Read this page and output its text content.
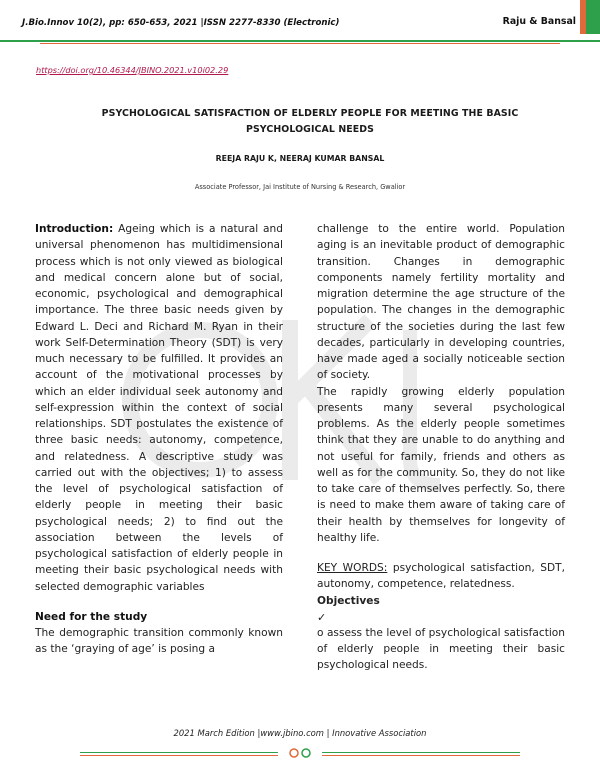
J.Bio.Innov 10(2), pp: 650-653, 2021 |ISSN 2277-8330 (Electronic)	Raju & Bansal
https://doi.org/10.46344/JBINO.2021.v10i02.29
PSYCHOLOGICAL SATISFACTION OF ELDERLY PEOPLE FOR MEETING THE BASIC
PSYCHOLOGICAL NEEDS
REEJA RAJU K, NEERAJ KUMAR BANSAL
Associate Professor, Jai Institute of Nursing & Research, Gwalior

Introduction: Ageing which is a natural and universal phenomenon has multidimensional process which is not only viewed as biological and medical concern alone but of social, economic, psychological and demographical importance. The three basic needs given by Edward L. Deci and Richard M. Ryan in their work Self-Determination Theory (SDT) is very much necessary to be fulfilled. It provides an account of the motivational processes by which an elder individual seek autonomy and self-expression within the context of social relationships. SDT postulates the existence of three basic needs: autonomy, competence, and relatedness. A descriptive study was carried out with the objectives; 1) to assess the level of psychological satisfaction of elderly people in meeting their basic psychological needs; 2) to find out the association between the levels of psychological satisfaction of elderly people in meeting their basic psychological needs with selected demographic variables

Need for the study

The demographic transition commonly known as the ‘graying of age’ is posing a

challenge to the entire world. Population aging is an inevitable product of demographic transition. Changes in demographic components namely fertility mortality and migration determine the age structure of the population. The changes in the demographic structure of the societies during the last few decades, particularly in developing countries, have made aged a socially noticeable section of society.

The rapidly growing elderly population presents many several psychological problems. As the elderly people sometimes think that they are unable to do anything and not useful for family, friends and others as well as for the community. So, they do not like to take care of themselves perfectly. So, there is need to make them aware of taking care of their health by themselves for longevity of healthy life.

KEY WORDS: psychological satisfaction, SDT, autonomy, competence, relatedness.

Objectives

✓

o assess the level of psychological satisfaction of elderly people in meeting their basic psychological needs.

2021 March Edition |www.jbino.com | Innovative Association
